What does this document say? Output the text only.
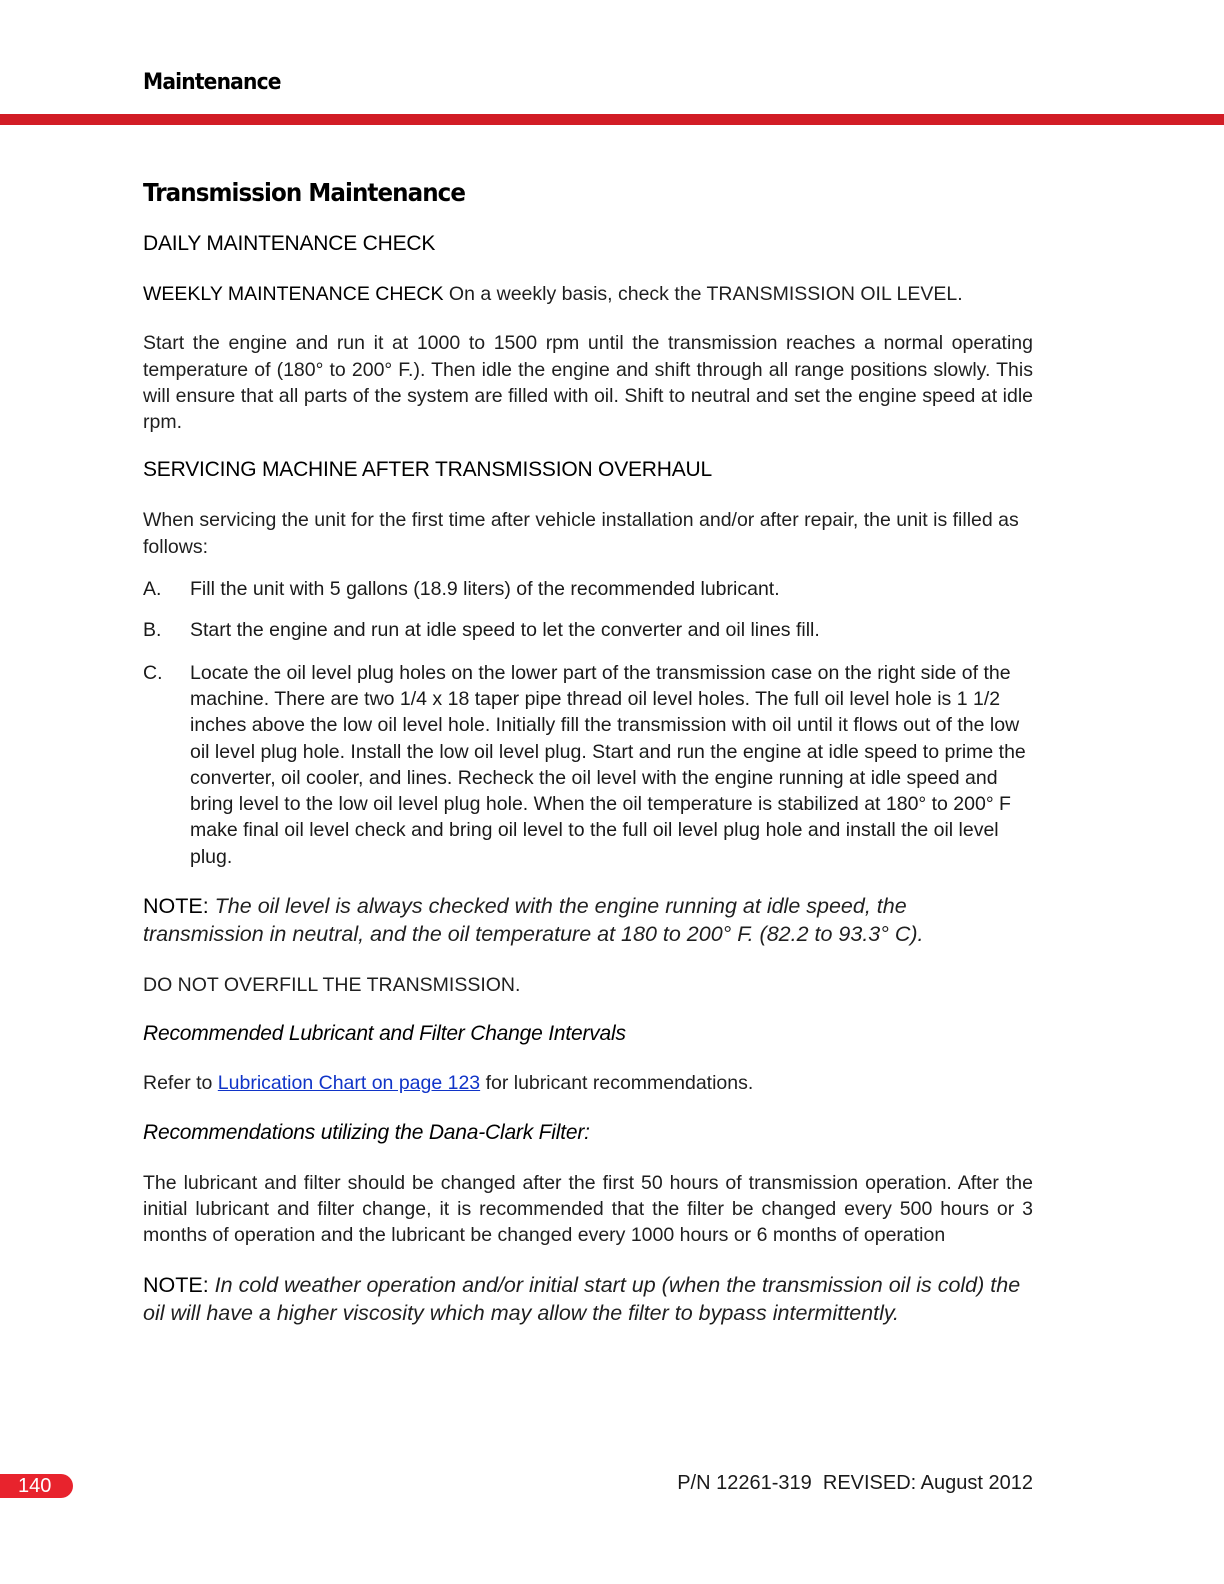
Maintenance
Transmission Maintenance
DAILY MAINTENANCE CHECK
WEEKLY MAINTENANCE CHECK On a weekly basis, check the TRANSMISSION OIL LEVEL.

Start the engine and run it at 1000 to 1500 rpm until the transmission reaches a normal operating temperature of (180° to 200° F.). Then idle the engine and shift through all range positions slowly. This will ensure that all parts of the system are filled with oil. Shift to neutral and set the engine speed at idle rpm.

SERVICING MACHINE AFTER TRANSMISSION OVERHAUL

When servicing the unit for the first time after vehicle installation and/or after repair, the unit is filled as follows:

A.	Fill the unit with 5 gallons (18.9 liters) of the recommended lubricant.
B.	Start the engine and run at idle speed to let the converter and oil lines fill.
C.	Locate the oil level plug holes on the lower part of the transmission case on the right side of the machine. There are two 1/4 x 18 taper pipe thread oil level holes. The full oil level hole is 1 1/2 inches above the low oil level hole. Initially fill the transmission with oil until it flows out of the low oil level plug hole. Install the low oil level plug. Start and run the engine at idle speed to prime the converter, oil cooler, and lines. Recheck the oil level with the engine running at idle speed and bring level to the low oil level plug hole. When the oil temperature is stabilized at 180° to 200° F make final oil level check and bring oil level to the full oil level plug hole and install the oil level plug.
NOTE: The oil level is always checked with the engine running at idle speed, the transmission in neutral, and the oil temperature at 180 to 200° F. (82.2 to 93.3° C).
DO NOT OVERFILL THE TRANSMISSION.
Recommended Lubricant and Filter Change Intervals
Refer to Lubrication Chart on page 123 for lubricant recommendations.
Recommendations utilizing the Dana-Clark Filter:

The lubricant and filter should be changed after the first 50 hours of transmission operation. After the initial lubricant and filter change, it is recommended that the filter be changed every 500 hours or 3 months of operation and the lubricant be changed every 1000 hours or 6 months of operation

NOTE: In cold weather operation and/or initial start up (when the transmission oil is cold) the oil will have a higher viscosity which may allow the filter to bypass intermittently.
140	P/N 12261-319  REVISED: August 2012
